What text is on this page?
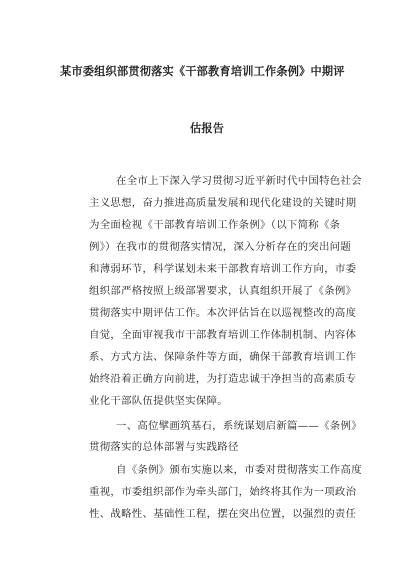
某市委组织部贯彻落实《干部教育培训工作条例》中期评
估报告
在全市上下深入学习贯彻习近平新时代中国特色社会
主义思想，奋力推进高质量发展和现代化建设的关键时期
为全面检视《干部教育培训工作条例》（以下简称《条
例》）在我市的贯彻落实情况，深入分析存在的突出问题
和薄弱环节，科学谋划未来干部教育培训工作方向，市委
组织部严格按照上级部署要求，认真组织开展了《条例》
贯彻落实中期评估工作。本次评估旨在以巡视整改的高度
自觉，全面审视我市干部教育培训工作体制机制、内容体
系、方式方法、保障条件等方面，确保干部教育培训工作
始终沿着正确方向前进，为打造忠诚干净担当的高素质专
业化干部队伍提供坚实保障。
一、高位擘画筑基石，系统谋划启新篇——《条例》
贯彻落实的总体部署与实践路径
自《条例》颁布实施以来，市委对贯彻落实工作高度
重视，市委组织部作为牵头部门，始终将其作为一项政治
性、战略性、基础性工程，摆在突出位置，以强烈的责任
